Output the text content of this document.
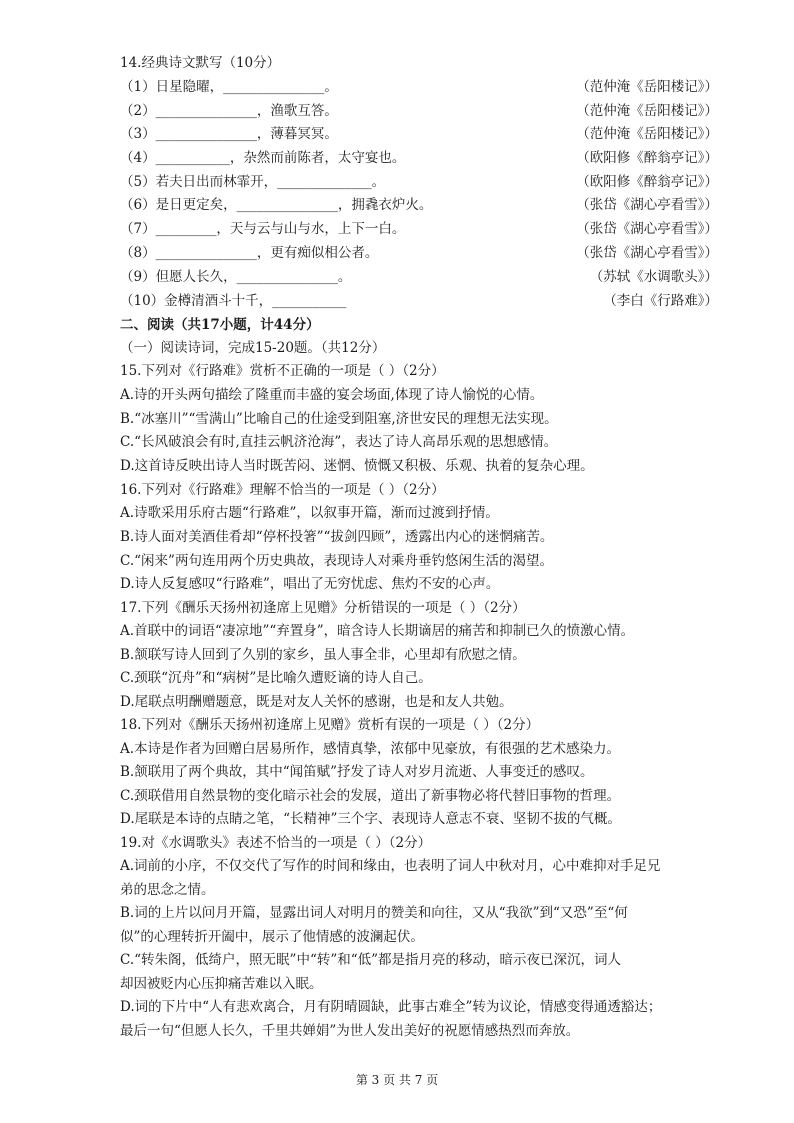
14.经典诗文默写（10分）
（1）日星隐曜，_______________。	（范仲淹《岳阳楼记》）
（2）_______________，渔歌互答。	（范仲淹《岳阳楼记》）
（3）_______________，薄暮冥冥。	（范仲淹《岳阳楼记》）
（4）___________，杂然而前陈者，太守宴也。	（欧阳修《醉翁亭记》）
（5）若夫日出而林霏开，______________。	（欧阳修《醉翁亭记》）
（6）是日更定矣，_______________，拥毳衣炉火。	（张岱《湖心亭看雪》）
（7）_________，天与云与山与水，上下一白。	（张岱《湖心亭看雪》）
（8）_______________，更有痴似相公者。	（张岱《湖心亭看雪》）
（9）但愿人长久，_______________。	（苏轼《水调歌头》）
（10）金樽清酒斗十千，___________	（李白《行路难》）
二、阅读（共17小题，计44分）
（一）阅读诗词，完成15-20题。（共12分）
15.下列对《行路难》赏析不正确的一项是（ ）（2分）
A.诗的开头两句描绘了隆重而丰盛的宴会场面,体现了诗人愉悦的心情。
B.“冰塞川”“雪满山”比喻自己的仕途受到阻塞,济世安民的理想无法实现。
C.“长风破浪会有时,直挂云帆济沧海”，表达了诗人高昂乐观的思想感情。
D.这首诗反映出诗人当时既苦闷、迷惘、愤慨又积极、乐观、执着的复杂心理。
16.下列对《行路难》理解不恰当的一项是（ ）（2分）
A.诗歌采用乐府古题“行路难”，以叙事开篇，渐而过渡到抒情。
B.诗人面对美酒佳肴却“停杯投箸”“拔剑四顾”，透露出内心的迷惘痛苦。
C.“闲来”两句连用两个历史典故，表现诗人对乘舟垂钓悠闲生活的渴望。
D.诗人反复感叹“行路难”，唱出了无穷忧虑、焦灼不安的心声。
17.下列《酬乐天扬州初逢席上见赠》分析错误的一项是（ ）（2分）
A.首联中的词语“凄凉地”“弃置身”，暗含诗人长期谪居的痛苦和抑制已久的愤激心情。
B.颔联写诗人回到了久别的家乡，虽人事全非，心里却有欣慰之情。
C.颈联“沉舟”和“病树”是比喻久遭贬谪的诗人自己。
D.尾联点明酬赠题意，既是对友人关怀的感谢，也是和友人共勉。
18.下列对《酬乐天扬州初逢席上见赠》赏析有误的一项是（ ）（2分）
A.本诗是作者为回赠白居易所作，感情真挚，浓郁中见豪放，有很强的艺术感染力。
B.颔联用了两个典故，其中“闻笛赋”抒发了诗人对岁月流逝、人事变迁的感叹。
C.颈联借用自然景物的变化暗示社会的发展，道出了新事物必将代替旧事物的哲理。
D.尾联是本诗的点睛之笔，“长精神”三个字、表现诗人意志不衰、坚韧不拔的气概。
19.对《水调歌头》表述不恰当的一项是（ ）（2分）
A.词前的小序，不仅交代了写作的时间和缘由，也表明了词人中秋对月，心中难抑对手足兄
弟的思念之情。
B.词的上片以问月开篇，显露出词人对明月的赞美和向往，又从“我欲”到“又恐”至“何
似”的心理转折开阖中，展示了他情感的波澜起伏。
C.“转朱阁，低绮户，照无眠”中“转”和“低”都是指月亮的移动，暗示夜已深沉，词人
却因被贬内心压抑痛苦难以入眠。
D.词的下片中“人有悲欢离合，月有阴晴圆缺，此事古难全”转为议论，情感变得通透豁达；
最后一句“但愿人长久，千里共婵娟”为世人发出美好的祝愿情感热烈而奔放。
第 3 页 共 7 页
